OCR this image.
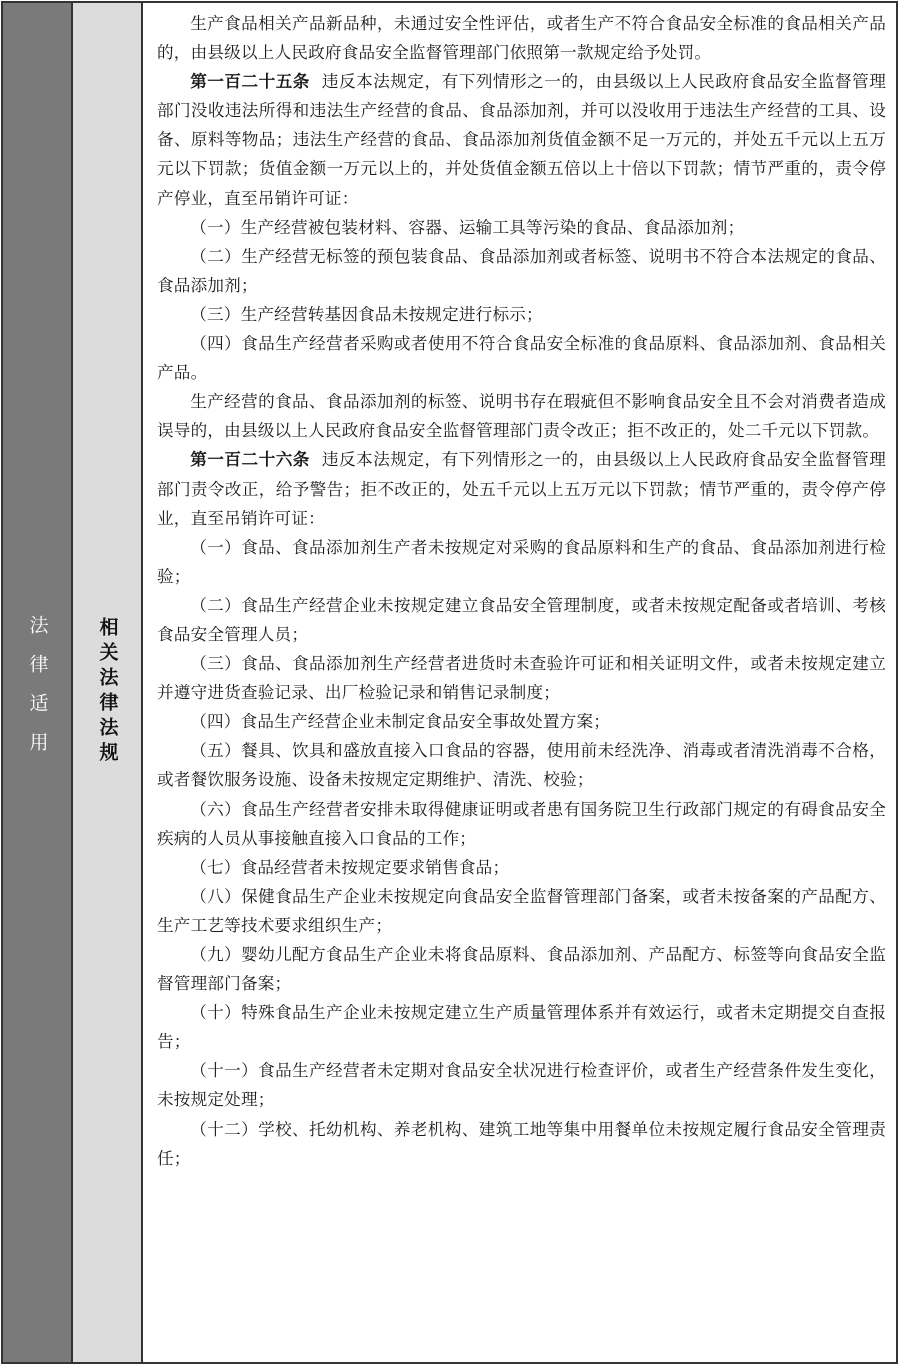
法律适用	相关法律法规

生产食品相关产品新品种，未通过安全性评估，或者生产不符合食品安全标准的食品相关产品的，由县级以上人民政府食品安全监督管理部门依照第一款规定给予处罚。

第一百二十五条 违反本法规定，有下列情形之一的，由县级以上人民政府食品安全监督管理部门没收违法所得和违法生产经营的食品、食品添加剂，并可以没收用于违法生产经营的工具、设备、原料等物品；违法生产经营的食品、食品添加剂货值金额不足一万元的，并处五千元以上五万元以下罚款；货值金额一万元以上的，并处货值金额五倍以上十倍以下罚款；情节严重的，责令停产停业，直至吊销许可证：

（一）生产经营被包装材料、容器、运输工具等污染的食品、食品添加剂；

（二）生产经营无标签的预包装食品、食品添加剂或者标签、说明书不符合本法规定的食品、食品添加剂；

（三）生产经营转基因食品未按规定进行标示；

（四）食品生产经营者采购或者使用不符合食品安全标准的食品原料、食品添加剂、食品相关产品。

生产经营的食品、食品添加剂的标签、说明书存在瑕疵但不影响食品安全且不会对消费者造成误导的，由县级以上人民政府食品安全监督管理部门责令改正；拒不改正的，处二千元以下罚款。

第一百二十六条 违反本法规定，有下列情形之一的，由县级以上人民政府食品安全监督管理部门责令改正，给予警告；拒不改正的，处五千元以上五万元以下罚款；情节严重的，责令停产停业，直至吊销许可证：

（一）食品、食品添加剂生产者未按规定对采购的食品原料和生产的食品、食品添加剂进行检验；

（二）食品生产经营企业未按规定建立食品安全管理制度，或者未按规定配备或者培训、考核食品安全管理人员；

（三）食品、食品添加剂生产经营者进货时未查验许可证和相关证明文件，或者未按规定建立并遵守进货查验记录、出厂检验记录和销售记录制度；

（四）食品生产经营企业未制定食品安全事故处置方案；

（五）餐具、饮具和盛放直接入口食品的容器，使用前未经洗净、消毒或者清洗消毒不合格，或者餐饮服务设施、设备未按规定定期维护、清洗、校验；

（六）食品生产经营者安排未取得健康证明或者患有国务院卫生行政部门规定的有碍食品安全疾病的人员从事接触直接入口食品的工作；

（七）食品经营者未按规定要求销售食品；

（八）保健食品生产企业未按规定向食品安全监督管理部门备案，或者未按备案的产品配方、生产工艺等技术要求组织生产；

（九）婴幼儿配方食品生产企业未将食品原料、食品添加剂、产品配方、标签等向食品安全监督管理部门备案；

（十）特殊食品生产企业未按规定建立生产质量管理体系并有效运行，或者未定期提交自查报告；

（十一）食品生产经营者未定期对食品安全状况进行检查评价，或者生产经营条件发生变化，未按规定处理；

（十二）学校、托幼机构、养老机构、建筑工地等集中用餐单位未按规定履行食品安全管理责任；
